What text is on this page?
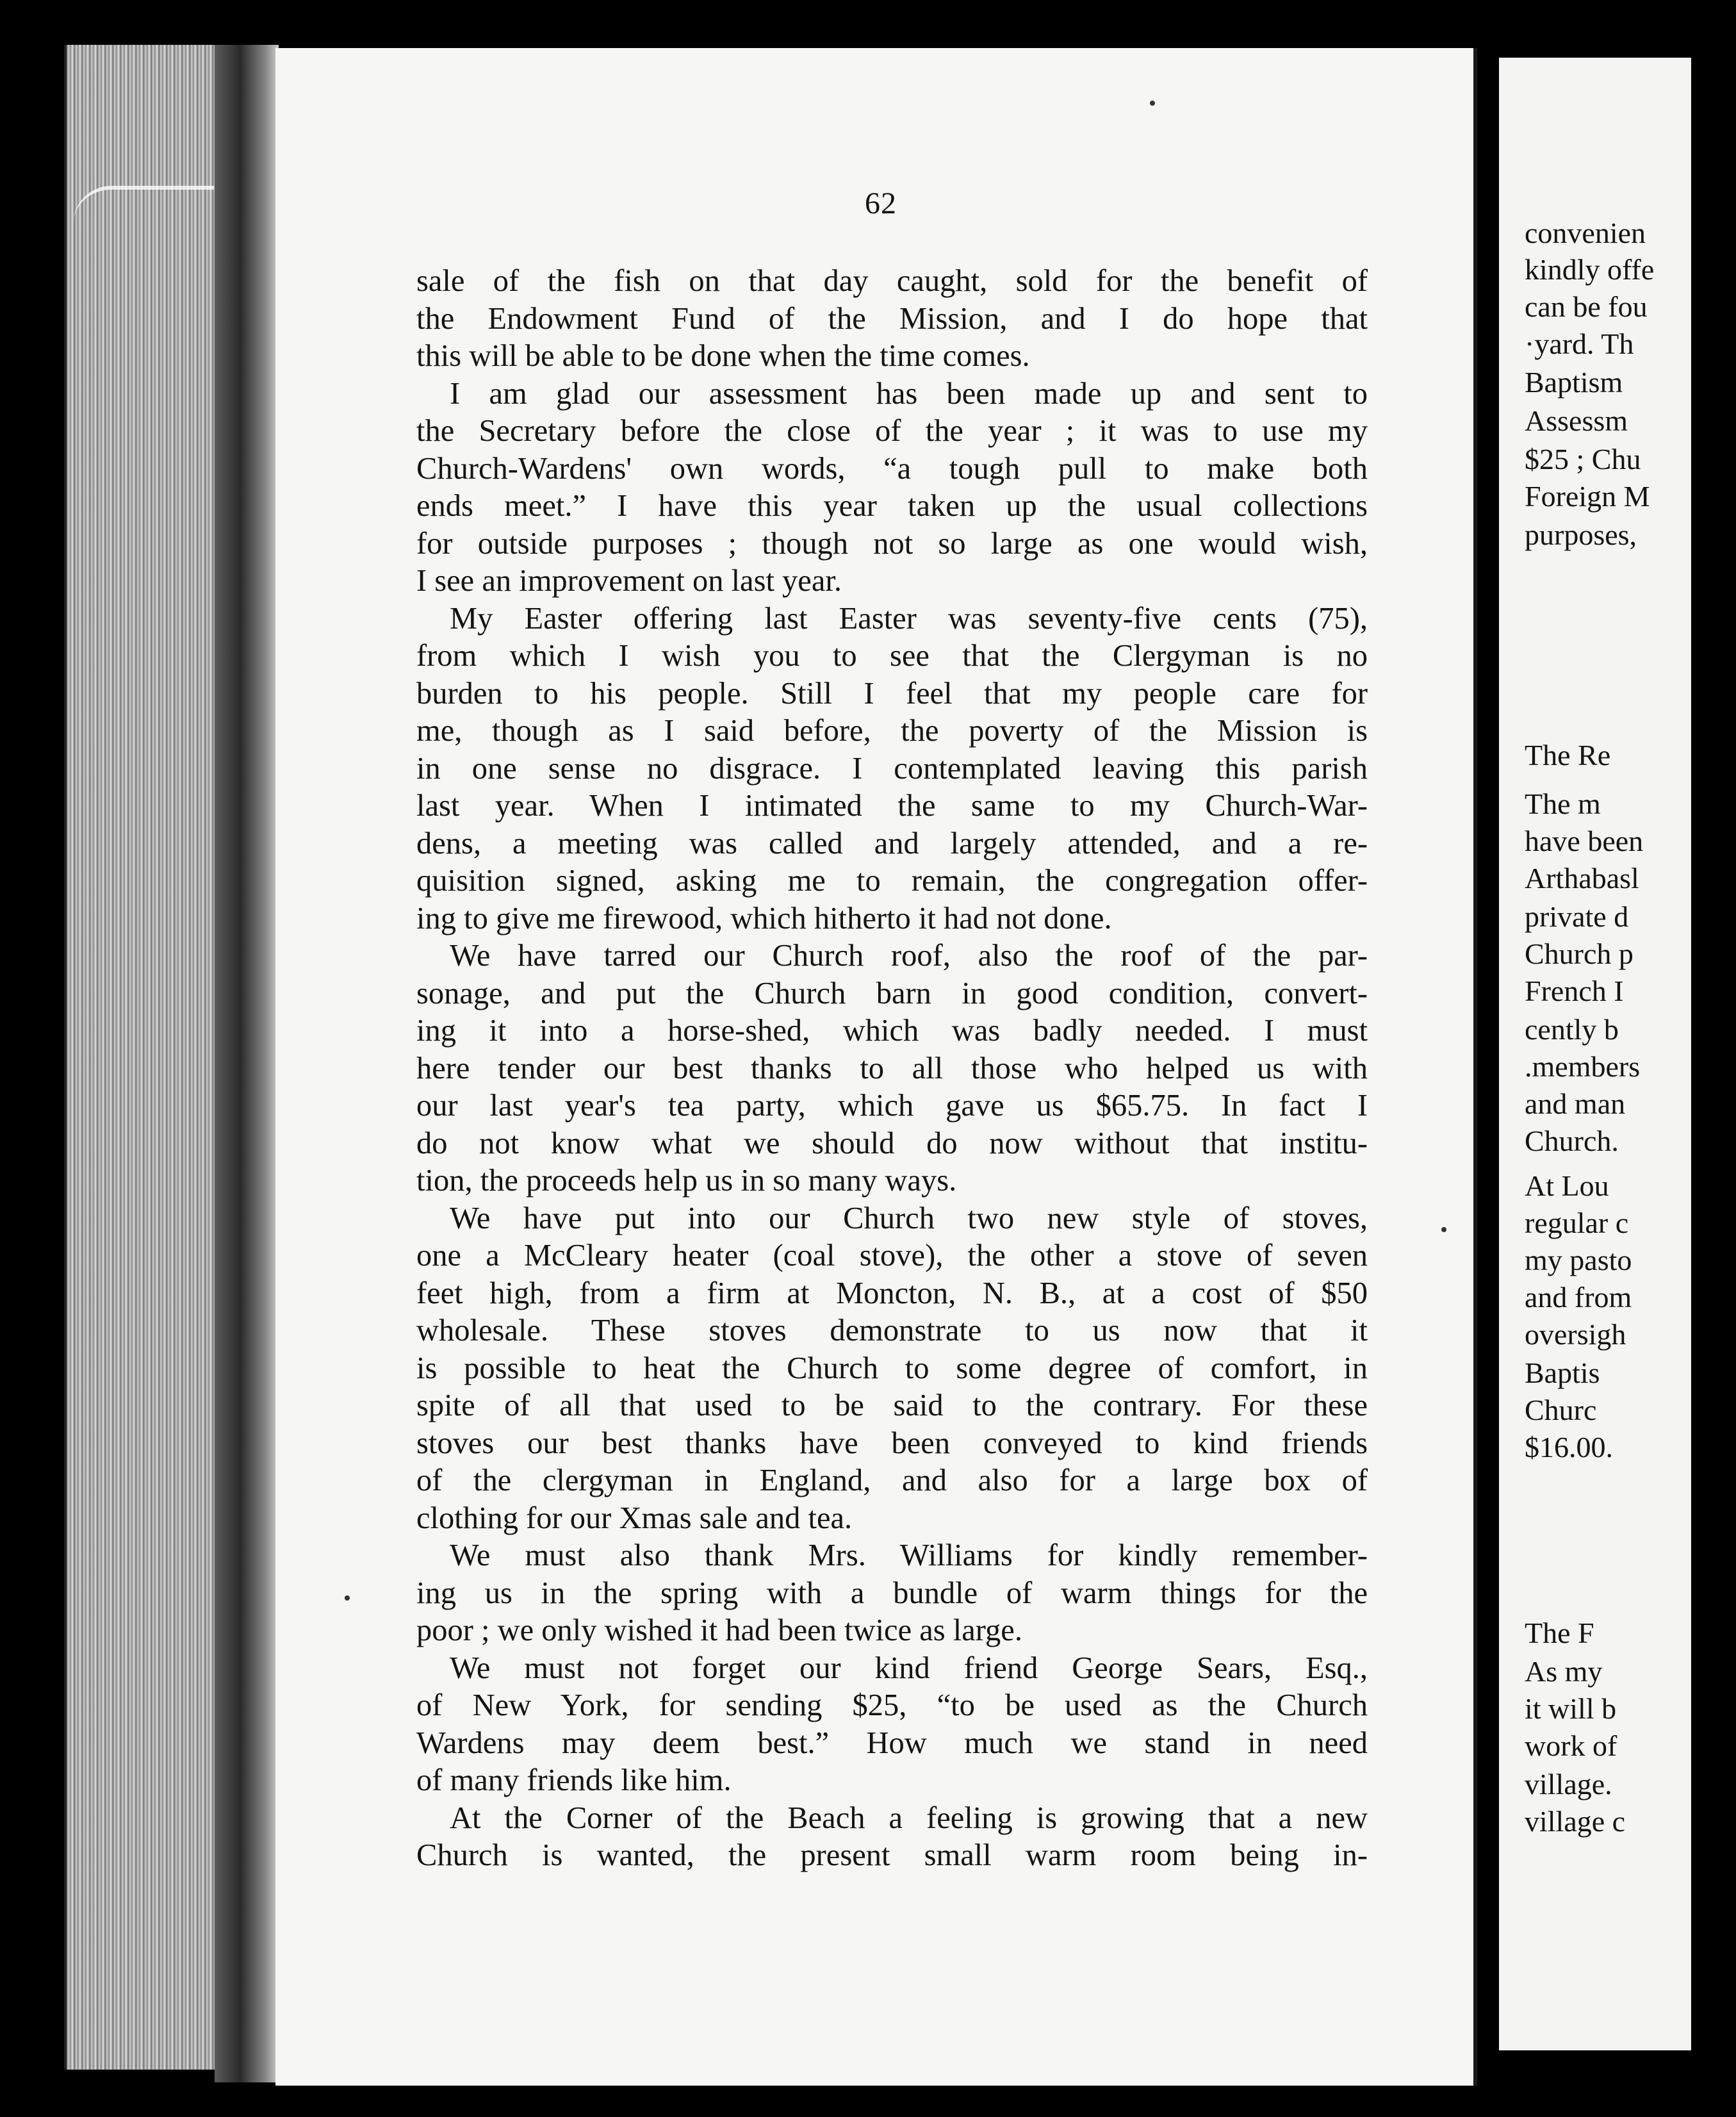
62
sale of the fish on that day caught, sold for the benefit of
the Endowment Fund of the Mission, and I do hope that
this will be able to be done when the time comes.
I am glad our assessment has been made up and sent to
the Secretary before the close of the year ; it was to use my
Church-Wardens' own words, “a tough pull to make both
ends meet.” I have this year taken up the usual collections
for outside purposes ; though not so large as one would wish,
I see an improvement on last year.
My Easter offering last Easter was seventy-five cents (75),
from which I wish you to see that the Clergyman is no
burden to his people. Still I feel that my people care for
me, though as I said before, the poverty of the Mission is
in one sense no disgrace. I contemplated leaving this parish
last year. When I intimated the same to my Church-War-
dens, a meeting was called and largely attended, and a re-
quisition signed, asking me to remain, the congregation offer-
ing to give me firewood, which hitherto it had not done.
We have tarred our Church roof, also the roof of the par-
sonage, and put the Church barn in good condition, convert-
ing it into a horse-shed, which was badly needed. I must
here tender our best thanks to all those who helped us with
our last year's tea party, which gave us $65.75. In fact I
do not know what we should do now without that institu-
tion, the proceeds help us in so many ways.
We have put into our Church two new style of stoves,
one a McCleary heater (coal stove), the other a stove of seven
feet high, from a firm at Moncton, N. B., at a cost of $50
wholesale. These stoves demonstrate to us now that it
is possible to heat the Church to some degree of comfort, in
spite of all that used to be said to the contrary. For these
stoves our best thanks have been conveyed to kind friends
of the clergyman in England, and also for a large box of
clothing for our Xmas sale and tea.
We must also thank Mrs. Williams for kindly remember-
ing us in the spring with a bundle of warm things for the
poor ; we only wished it had been twice as large.
We must not forget our kind friend George Sears, Esq.,
of New York, for sending $25, “to be used as the Church
Wardens may deem best.” How much we stand in need
of many friends like him.
At the Corner of the Beach a feeling is growing that a new
Church is wanted, the present small warm room being in-
convenien
kindly offe
can be fou
·yard. Th
Baptism
Assessm
$25 ; Chu
Foreign M
purposes,
The Re
The m
have been
Arthabasl
private d
Church p
French I
cently b
.members
and man
Church.
At Lou
regular c
my pasto
and from
oversigh
Baptis
Churc
$16.00.
The F
As my
it will b
work of
village.
village c
